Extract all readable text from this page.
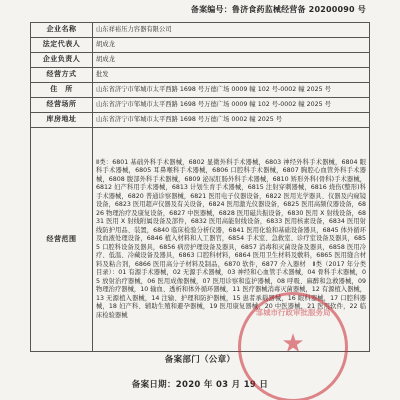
备案编号：鲁济食药监械经营备 20200090 号
企业名称	山东祥裕压力容器有限公司
法定代表人	胡成龙
企业负责人	胡成龙
经营方式	批发
住　所	山东省济宁市邹城市太平西路 1698 号万德广场 0009 幢 102 号-0002 幢 2025 号
经营场所	山东省济宁市邹城市太平西路 1698 号万德广场 0009 幢 102 号-0002 幢 2025 号
库房地址	山东省济宁市邹城市太平西路 1698 号万德广场 0002 幢 2025 号
经营范围	Ⅱ类：6801 基础外科手术器械，6802 显微外科手术器械，6803 神经外科手术器械，6804 眼科手术器械，6805 耳鼻喉科手术器械，6806 口腔科手术器械，6807 胸腔心血管外科手术器械，6808 腹部外科手术器械，6809 泌尿肛肠外科手术器械，6810 矫形外科(骨科)手术器械，6812 妇产科用手术器械，6813 计划生育手术器械，6815 注射穿刺器械，6816 烧伤(整形)科手术器械，6820 普通诊察器械，6821 医用电子仪器设备，6822 医用光学器具、仪器及内窥镜设备，6823 医用超声仪器及有关设备，6824 医用激光仪器设备，6825 医用高频仪器设备，6826 物理治疗及康复设备，6827 中医器械，6828 医用磁共振设备，6830 医用 X 射线设备，6831 医用 X 射线附属设备及部件，6832 医用高能射线设备，6833 医用核素设备，6834 医用射线防护用品、装置，6840 临床检验分析仪器，6841 医用化验和基础设备器具，6845 体外循环及血液处理设备，6846 植入材料和人工器官，6854 手术室、急救室、诊疗室设备及器具，6855 口腔科设备及器具，6856 病房护理设备及器具，6857 消毒和灭菌设备及器具，6858 医用冷疗、低温、冷藏设备及器具，6863 口腔科材料，6864 医用卫生材料及敷料，6865 医用缝合材料及粘合剂，6866 医用高分子材料及制品，6870 软件，6877 介入器材　Ⅱ类（2017 年分类目录）：01 有源手术器械，02 无源手术器械，03 神经和心血管手术器械，04 骨科手术器械，05 放射治疗器械，06 医用成像器械，07 医用诊察和监护器械，08 呼吸、麻醉和急救器械，09 物理治疗器械，10 输血、透析和体外循环器械，11 医疗器械消毒灭菌器械，12 有源植入器械，13 无源植入器械，14 注输、护理和防护器械，15 患者承载器械，16 眼科器械，17 口腔科器械，18 妇产科、辅助生殖和避孕器械，19 医用康复器械，20 中医器械，21 医用软件，22 临床检验器械
备案部门（公章）
备案日期：2020 年 03 月 19 日
邹城市行政审批服务局
★
